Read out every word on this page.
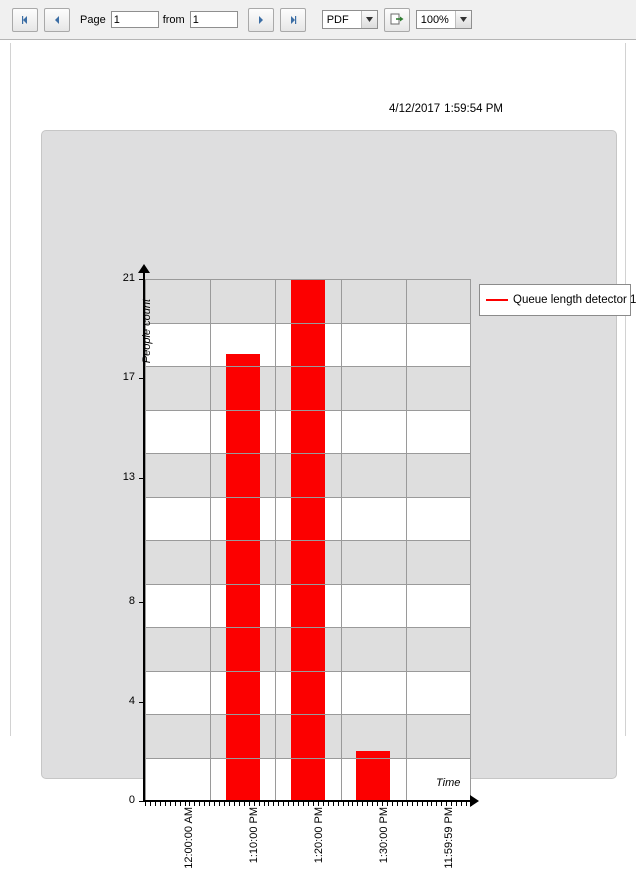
Page
1	from
1	PDF	100%
4/12/2017 1:59:54 PM
People count
Time
0
4
8
13
17
21
12:00:00 AM	1:10:00 PM	1:20:00 PM	1:30:00 PM	11:59:59 PM
Queue length detector 1
